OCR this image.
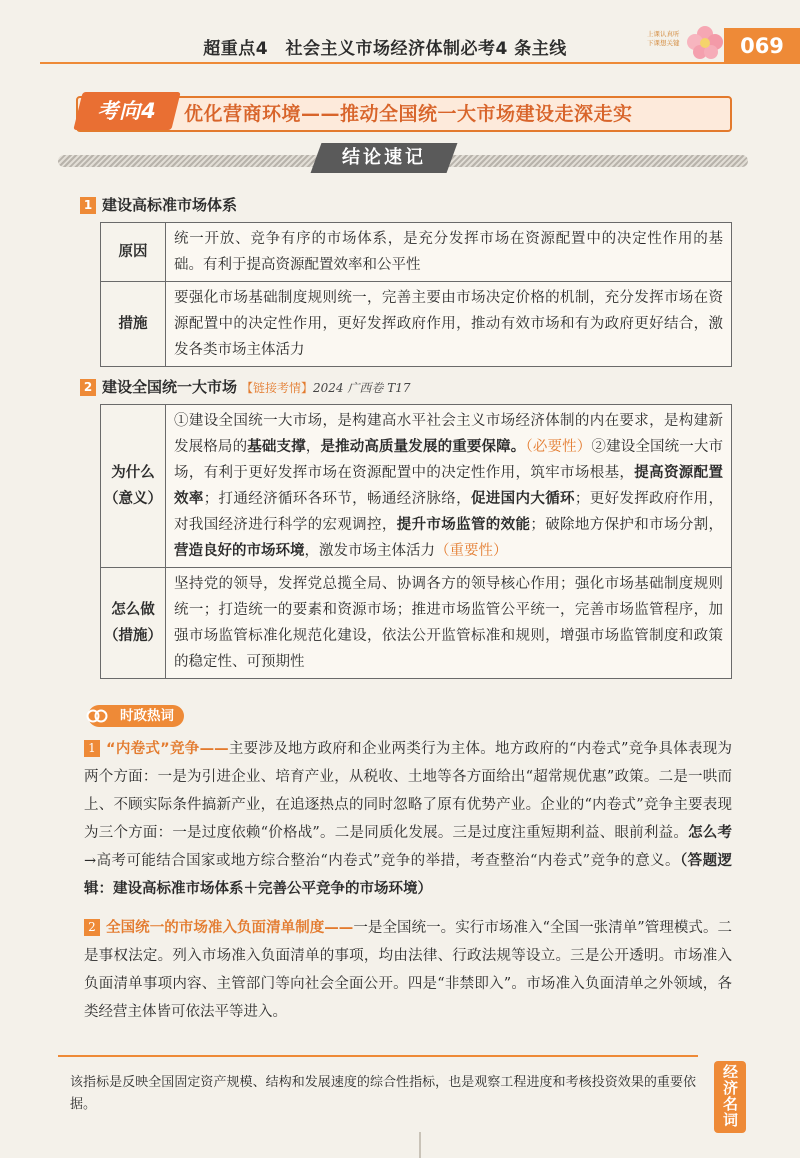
超重点4　社会主义市场经济体制必考4 条主线
上课认真听
下课想关键	069
考向4	优化营商环境——推动全国统一大市场建设走深走实
结论速记
1 建设高标准市场体系
原因	统一开放、竞争有序的市场体系，是充分发挥市场在资源配置中的决定性作用的基础。有利于提高资源配置效率和公平性
措施	要强化市场基础制度规则统一，完善主要由市场决定价格的机制，充分发挥市场在资源配置中的决定性作用，更好发挥政府作用，推动有效市场和有为政府更好结合，激发各类市场主体活力
2 建设全国统一大市场 【链接考情】2024 广西卷 T17
为什么
（意义）	①建设全国统一大市场，是构建高水平社会主义市场经济体制的内在要求，是构建新发展格局的基础支撑，是推动高质量发展的重要保障。（必要性）②建设全国统一大市场，有利于更好发挥市场在资源配置中的决定性作用，筑牢市场根基，提高资源配置效率；打通经济循环各环节，畅通经济脉络，促进国内大循环；更好发挥政府作用，对我国经济进行科学的宏观调控，提升市场监管的效能；破除地方保护和市场分割，营造良好的市场环境，激发市场主体活力（重要性）

怎么做
（措施）	坚持党的领导，发挥党总揽全局、协调各方的领导核心作用；强化市场基础制度规则统一；打造统一的要素和资源市场；推进市场监管公平统一，完善市场监管程序，加强市场监管标准化规范化建设，依法公开监管标准和规则，增强市场监管制度和政策的稳定性、可预期性
时政热词
1 “内卷式”竞争——主要涉及地方政府和企业两类行为主体。地方政府的“内卷式”竞争具体表现为两个方面：一是为引进企业、培育产业，从税收、土地等各方面给出“超常规优惠”政策。二是一哄而上、不顾实际条件搞新产业，在追逐热点的同时忽略了原有优势产业。企业的“内卷式”竞争主要表现为三个方面：一是过度依赖“价格战”。二是同质化发展。三是过度注重短期利益、眼前利益。怎么考→高考可能结合国家或地方综合整治“内卷式”竞争的举措，考查整治“内卷式”竞争的意义。（答题逻辑：建设高标准市场体系＋完善公平竞争的市场环境）
2 全国统一的市场准入负面清单制度——一是全国统一。实行市场准入“全国一张清单”管理模式。二是事权法定。列入市场准入负面清单的事项，均由法律、行政法规等设立。三是公开透明。市场准入负面清单事项内容、主管部门等向社会全面公开。四是“非禁即入”。市场准入负面清单之外领域，各类经营主体皆可依法平等进入。
该指标是反映全国固定资产规模、结构和发展速度的综合性指标，也是观察工程进度和考核投资效果的重要依据。	经济名词
